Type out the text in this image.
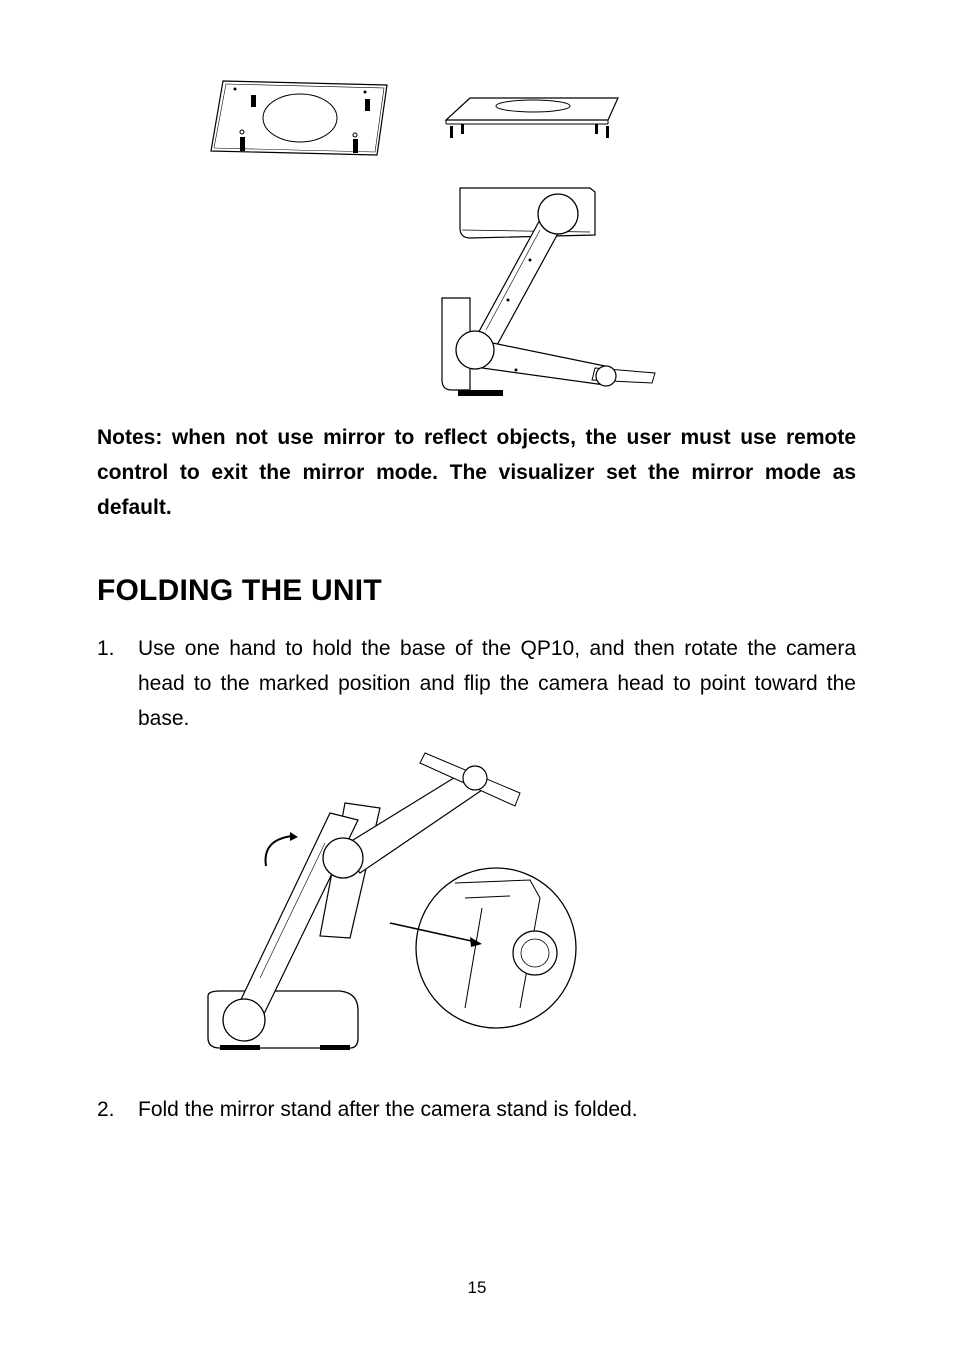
Notes: when not use mirror to reflect objects, the user must use remote control to exit the mirror mode. The visualizer set the mirror mode as default.

FOLDING THE UNIT
1. Use one hand to hold the base of the QP10, and then rotate the camera head to the marked position and flip the camera head to point toward the base.
2. Fold the mirror stand after the camera stand is folded.
15
